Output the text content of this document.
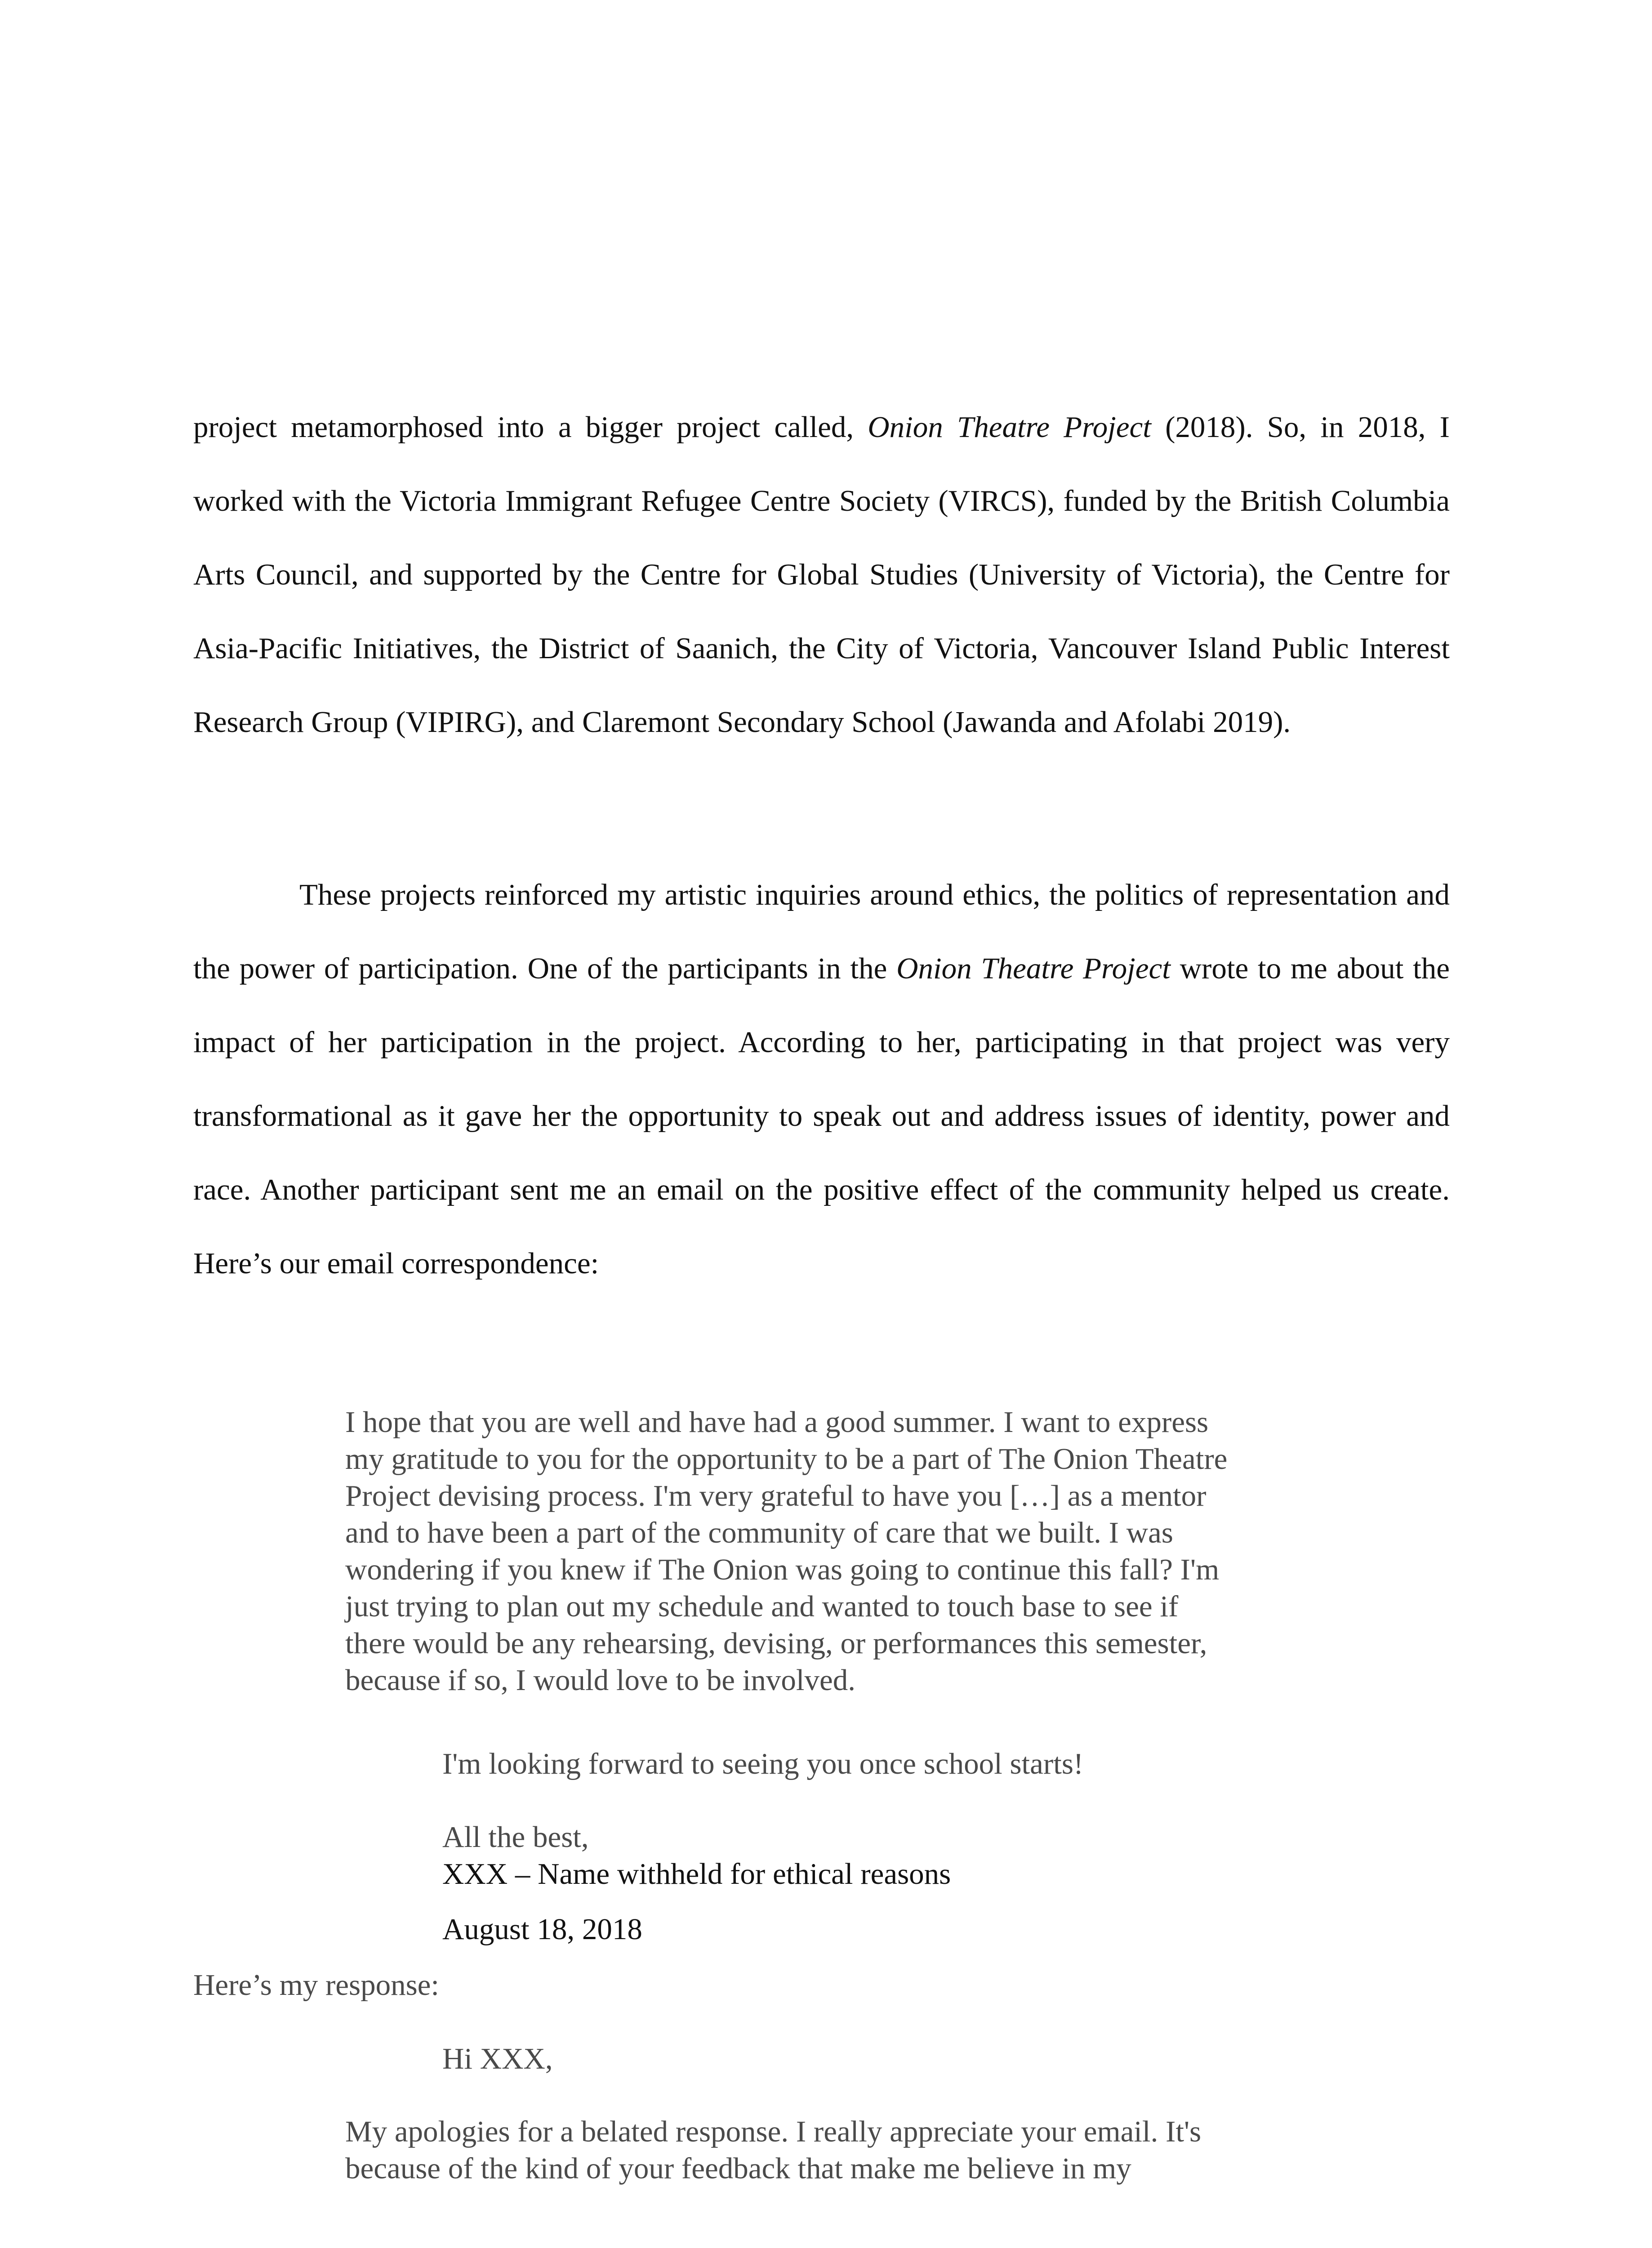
project metamorphosed into a bigger project called, Onion Theatre Project (2018). So, in 2018, I worked with the Victoria Immigrant Refugee Centre Society (VIRCS), funded by the British Columbia Arts Council, and supported by the Centre for Global Studies (University of Victoria), the Centre for Asia-Pacific Initiatives, the District of Saanich, the City of Victoria, Vancouver Island Public Interest Research Group (VIPIRG), and Claremont Secondary School (Jawanda and Afolabi 2019).

These projects reinforced my artistic inquiries around ethics, the politics of representation and the power of participation. One of the participants in the Onion Theatre Project wrote to me about the impact of her participation in the project. According to her, participating in that project was very transformational as it gave her the opportunity to speak out and address issues of identity, power and race. Another participant sent me an email on the positive effect of the community helped us create. Here’s our email correspondence:

I hope that you are well and have had a good summer. I want to express
my gratitude to you for the opportunity to be a part of The Onion Theatre
Project devising process. I'm very grateful to have you […] as a mentor
and to have been a part of the community of care that we built. I was
wondering if you knew if The Onion was going to continue this fall? I'm
just trying to plan out my schedule and wanted to touch base to see if
there would be any rehearsing, devising, or performances this semester,
because if so, I would love to be involved.

I'm looking forward to seeing you once school starts!

All the best,

XXX – Name withheld for ethical reasons

August 18, 2018

Here’s my response:

Hi XXX,

My apologies for a belated response. I really appreciate your email. It's
because of the kind of your feedback that make me believe in my
